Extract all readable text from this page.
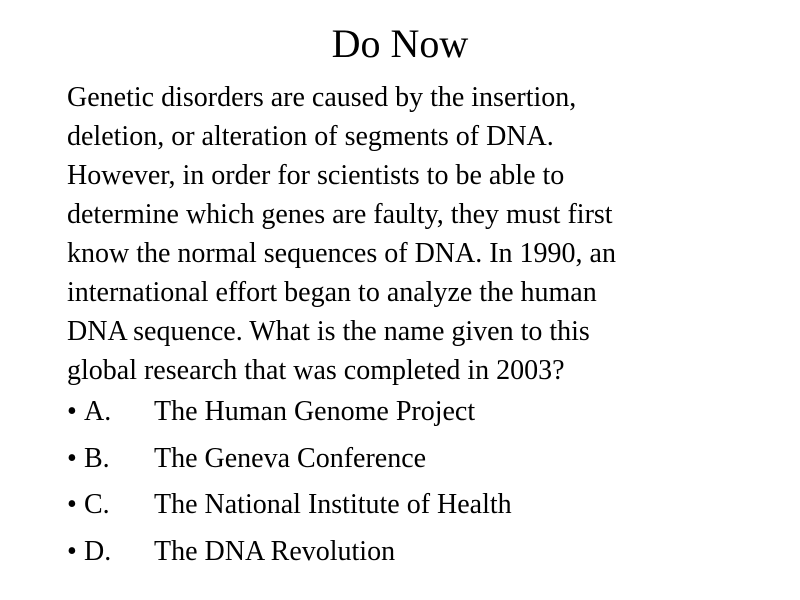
Do Now
Genetic disorders are caused by the insertion,
deletion, or alteration of segments of DNA.
However, in order for scientists to be able to
determine which genes are faulty, they must first
know the normal sequences of DNA. In 1990, an
international effort began to analyze the human
DNA sequence. What is the name given to this
global research that was completed in 2003?
• A. The Human Genome Project
• B. The Geneva Conference
• C. The National Institute of Health
• D. The DNA Revolution
